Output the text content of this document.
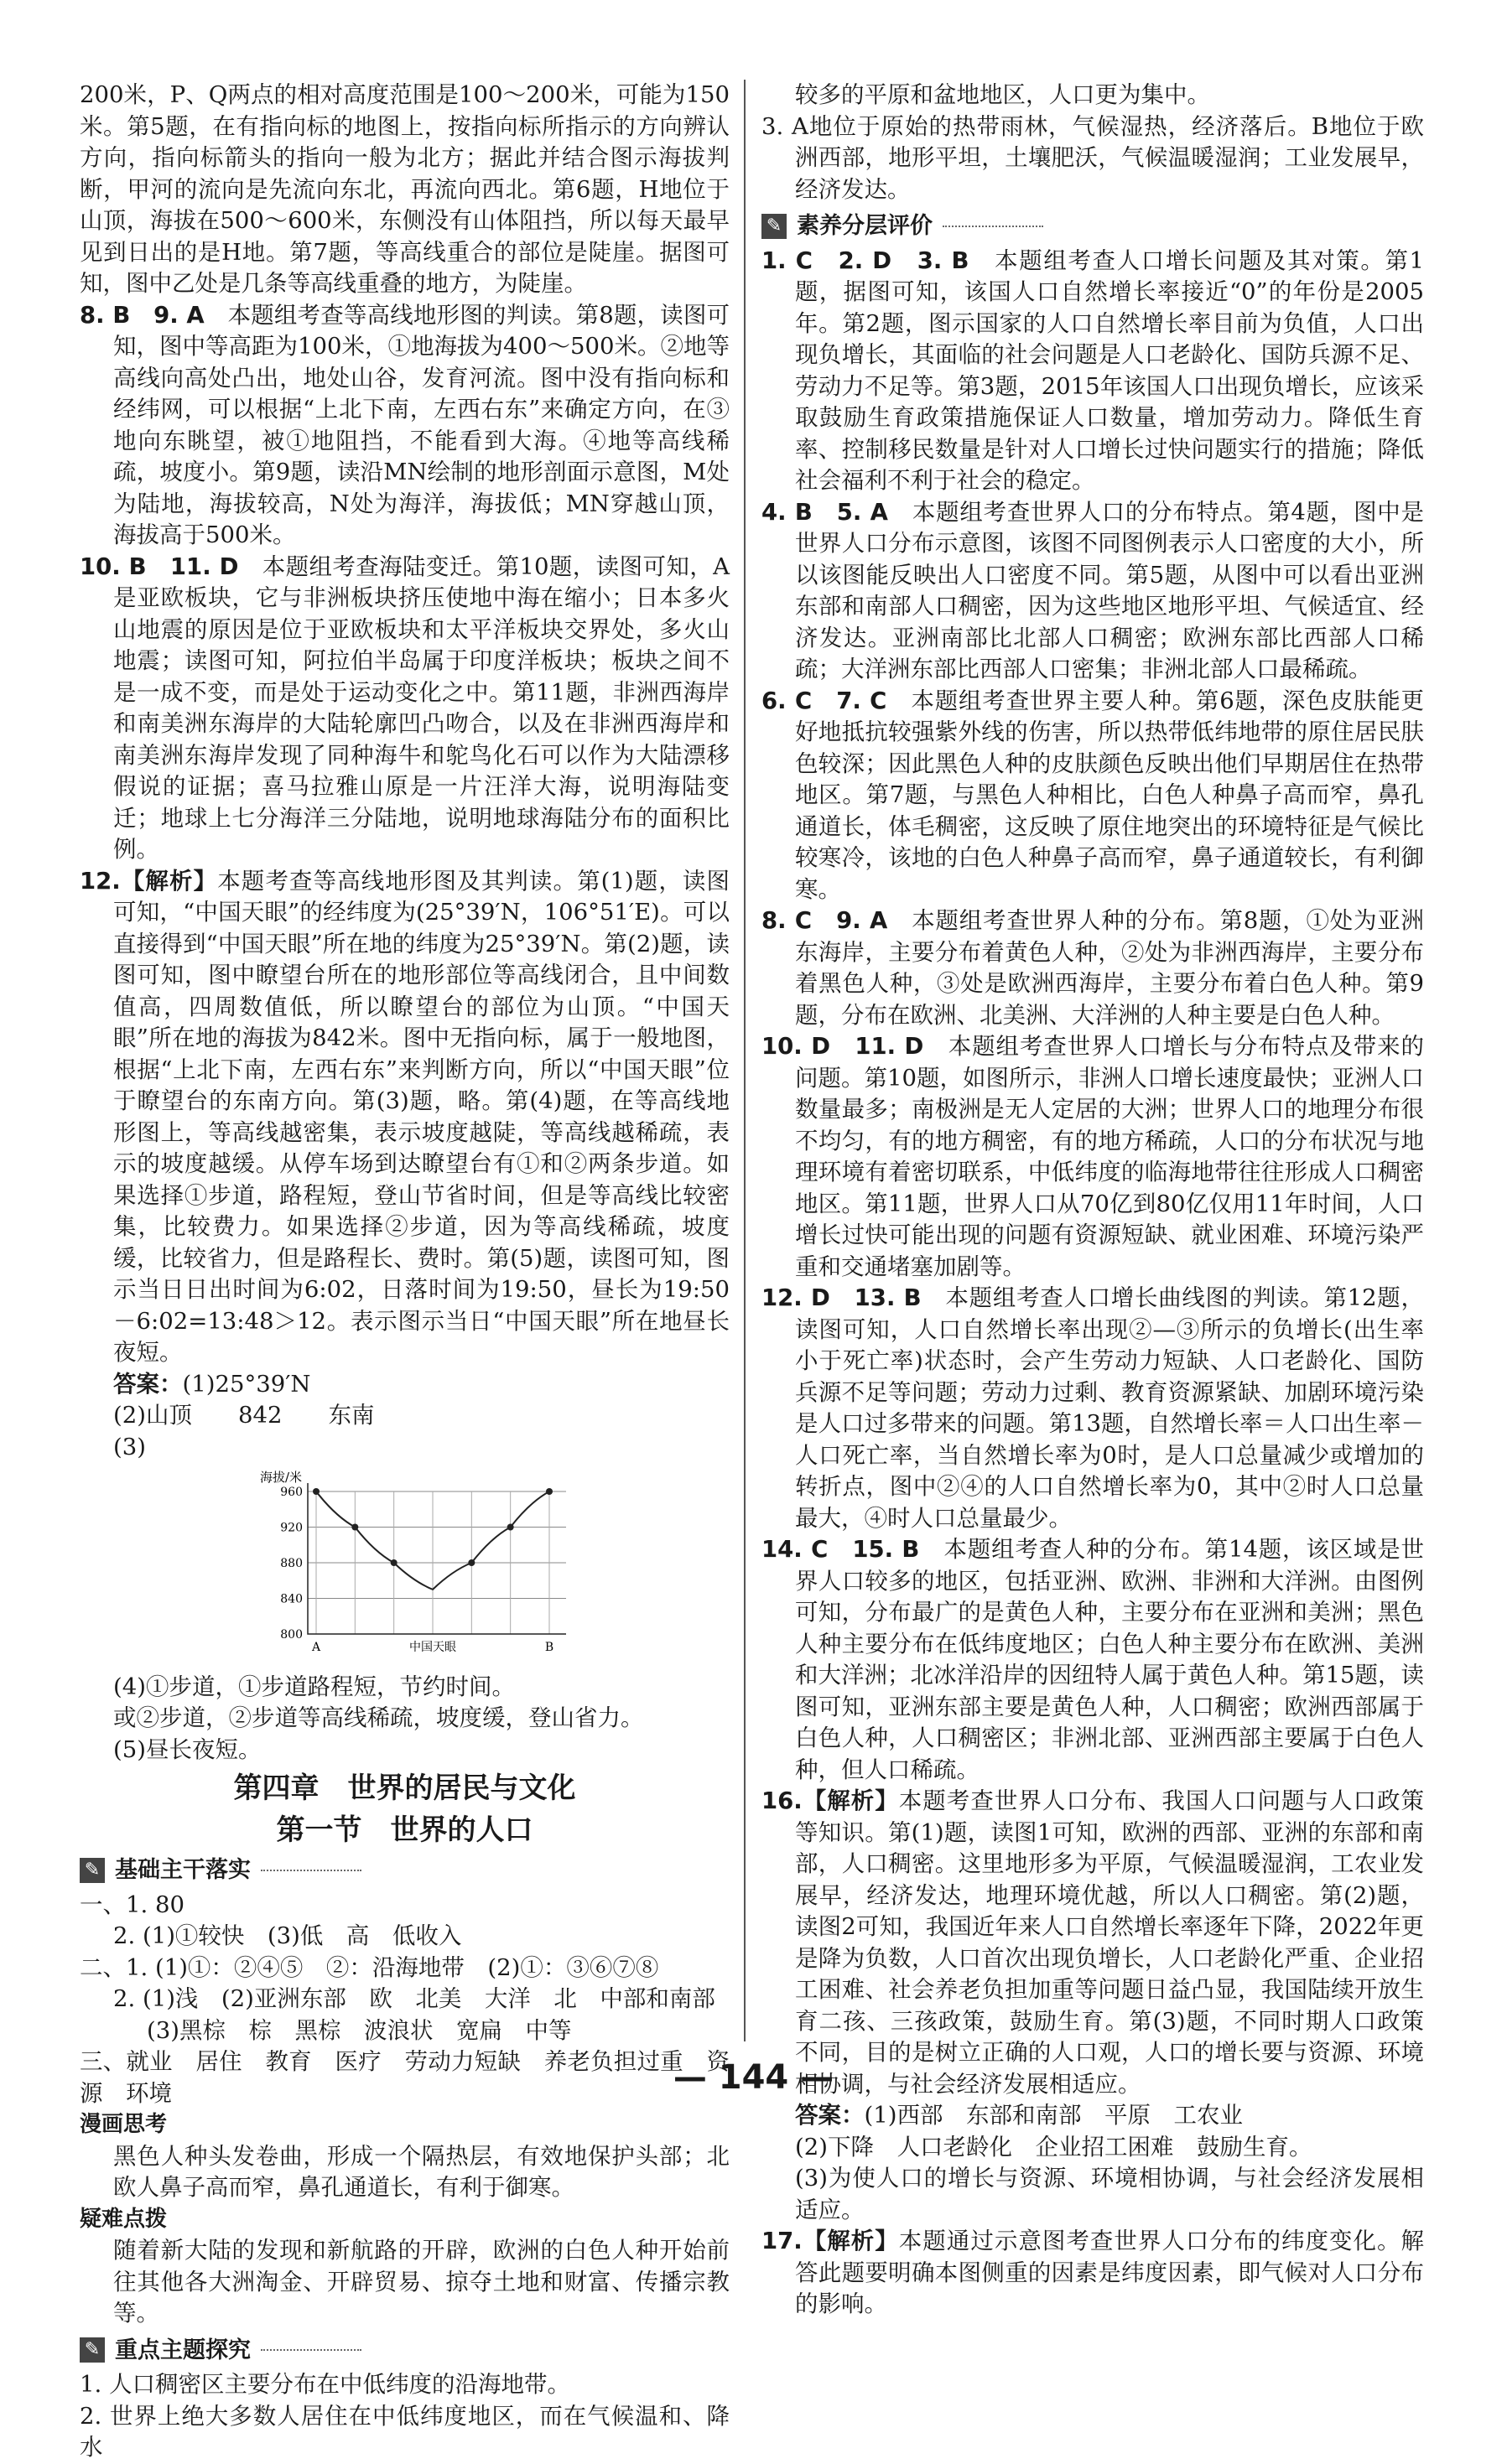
200米，P、Q两点的相对高度范围是100～200米，可能为150米。第5题，在有指向标的地图上，按指向标所指示的方向辨认方向，指向标箭头的指向一般为北方；据此并结合图示海拔判断，甲河的流向是先流向东北，再流向西北。第6题，H地位于山顶，海拔在500～600米，东侧没有山体阻挡，所以每天最早见到日出的是H地。第7题，等高线重合的部位是陡崖。据图可知，图中乙处是几条等高线重叠的地方，为陡崖。

8. B　9. A　 本题组考查等高线地形图的判读。第8题，读图可知，图中等高距为100米，①地海拔为400～500米。②地等高线向高处凸出，地处山谷，发育河流。图中没有指向标和经纬网，可以根据“上北下南，左西右东”来确定方向，在③地向东眺望，被①地阻挡，不能看到大海。④地等高线稀疏，坡度小。第9题，读沿MN绘制的地形剖面示意图，M处为陆地，海拔较高，N处为海洋，海拔低；MN穿越山顶，海拔高于500米。

10. B　11. D　 本题组考查海陆变迁。第10题，读图可知，A是亚欧板块，它与非洲板块挤压使地中海在缩小；日本多火山地震的原因是位于亚欧板块和太平洋板块交界处，多火山地震；读图可知，阿拉伯半岛属于印度洋板块；板块之间不是一成不变，而是处于运动变化之中。第11题，非洲西海岸和南美洲东海岸的大陆轮廓凹凸吻合，以及在非洲西海岸和南美洲东海岸发现了同种海牛和鸵鸟化石可以作为大陆漂移假说的证据；喜马拉雅山原是一片汪洋大海，说明海陆变迁；地球上七分海洋三分陆地，说明地球海陆分布的面积比例。

12.【解析】本题考查等高线地形图及其判读。第(1)题，读图可知，“中国天眼”的经纬度为(25°39′N，106°51′E)。可以直接得到“中国天眼”所在地的纬度为25°39′N。第(2)题，读图可知，图中瞭望台所在的地形部位等高线闭合，且中间数值高，四周数值低，所以瞭望台的部位为山顶。“中国天眼”所在地的海拔为842米。图中无指向标，属于一般地图，根据“上北下南，左西右东”来判断方向，所以“中国天眼”位于瞭望台的东南方向。第(3)题，略。第(4)题，在等高线地形图上，等高线越密集，表示坡度越陡，等高线越稀疏，表示的坡度越缓。从停车场到达瞭望台有①和②两条步道。如果选择①步道，路程短，登山节省时间，但是等高线比较密集，比较费力。如果选择②步道，因为等高线稀疏，坡度缓，比较省力，但是路程长、费时。第(5)题，读图可知，图示当日日出时间为6:02，日落时间为19:50，昼长为19:50－6:02=13:48＞12。表示图示当日“中国天眼”所在地昼长夜短。

答案：(1)25°39′N

(2)山顶　　 842　　 东南

(3)

海拔/米
800
840
880
920
960
A	中国天眼	B

(4)①步道，①步道路程短，节约时间。

或②步道，②步道等高线稀疏，坡度缓，登山省力。

(5)昼长夜短。

第四章　世界的居民与文化
第一节　世界的人口
✎ 基础主干落实

一、1. 80

2. (1)①较快　(3)低　高　低收入

二、1. (1)①：②④⑤　②：沿海地带　(2)①：③⑥⑦⑧

2. (1)浅　(2)亚洲东部　欧　北美　大洋　北　中部和南部

(3)黑棕　棕　黑棕　波浪状　宽扁　中等

三、就业　居住　教育　医疗　劳动力短缺　养老负担过重　资源　环境

漫画思考

黑色人种头发卷曲，形成一个隔热层，有效地保护头部；北欧人鼻子高而窄，鼻孔通道长，有利于御寒。

疑难点拨

随着新大陆的发现和新航路的开辟，欧洲的白色人种开始前往其他各大洲淘金、开辟贸易、掠夺土地和财富、传播宗教等。

✎ 重点主题探究

1. 人口稠密区主要分布在中低纬度的沿海地带。

2. 世界上绝大多数人居住在中低纬度地区，而在气候温和、降水

较多的平原和盆地地区，人口更为集中。

3. A地位于原始的热带雨林，气候湿热，经济落后。B地位于欧洲西部，地形平坦，土壤肥沃，气候温暖湿润；工业发展早，经济发达。

✎ 素养分层评价

1. C　2. D　3. B　 本题组考查人口增长问题及其对策。第1题，据图可知，该国人口自然增长率接近“0”的年份是2005年。第2题，图示国家的人口自然增长率目前为负值，人口出现负增长，其面临的社会问题是人口老龄化、国防兵源不足、劳动力不足等。第3题，2015年该国人口出现负增长，应该采取鼓励生育政策措施保证人口数量，增加劳动力。降低生育率、控制移民数量是针对人口增长过快问题实行的措施；降低社会福利不利于社会的稳定。

4. B　5. A　 本题组考查世界人口的分布特点。第4题，图中是世界人口分布示意图，该图不同图例表示人口密度的大小，所以该图能反映出人口密度不同。第5题，从图中可以看出亚洲东部和南部人口稠密，因为这些地区地形平坦、气候适宜、经济发达。亚洲南部比北部人口稠密；欧洲东部比西部人口稀疏；大洋洲东部比西部人口密集；非洲北部人口最稀疏。

6. C　7. C　 本题组考查世界主要人种。第6题，深色皮肤能更好地抵抗较强紫外线的伤害，所以热带低纬地带的原住居民肤色较深；因此黑色人种的皮肤颜色反映出他们早期居住在热带地区。第7题，与黑色人种相比，白色人种鼻子高而窄，鼻孔通道长，体毛稠密，这反映了原住地突出的环境特征是气候比较寒冷，该地的白色人种鼻子高而窄，鼻子通道较长，有利御寒。

8. C　9. A　 本题组考查世界人种的分布。第8题，①处为亚洲东海岸，主要分布着黄色人种，②处为非洲西海岸，主要分布着黑色人种，③处是欧洲西海岸，主要分布着白色人种。第9题，分布在欧洲、北美洲、大洋洲的人种主要是白色人种。

10. D　11. D　 本题组考查世界人口增长与分布特点及带来的问题。第10题，如图所示，非洲人口增长速度最快；亚洲人口数量最多；南极洲是无人定居的大洲；世界人口的地理分布很不均匀，有的地方稠密，有的地方稀疏，人口的分布状况与地理环境有着密切联系，中低纬度的临海地带往往形成人口稠密地区。第11题，世界人口从70亿到80亿仅用11年时间，人口增长过快可能出现的问题有资源短缺、就业困难、环境污染严重和交通堵塞加剧等。

12. D　13. B　 本题组考查人口增长曲线图的判读。第12题，读图可知，人口自然增长率出现②—③所示的负增长(出生率小于死亡率)状态时，会产生劳动力短缺、人口老龄化、国防兵源不足等问题；劳动力过剩、教育资源紧缺、加剧环境污染是人口过多带来的问题。第13题，自然增长率＝人口出生率－人口死亡率，当自然增长率为0时，是人口总量减少或增加的转折点，图中②④的人口自然增长率为0，其中②时人口总量最大，④时人口总量最少。

14. C　15. B　 本题组考查人种的分布。第14题，该区域是世界人口较多的地区，包括亚洲、欧洲、非洲和大洋洲。由图例可知，分布最广的是黄色人种，主要分布在亚洲和美洲；黑色人种主要分布在低纬度地区；白色人种主要分布在欧洲、美洲和大洋洲；北冰洋沿岸的因纽特人属于黄色人种。第15题，读图可知，亚洲东部主要是黄色人种，人口稠密；欧洲西部属于白色人种，人口稠密区；非洲北部、亚洲西部主要属于白色人种，但人口稀疏。

16.【解析】本题考查世界人口分布、我国人口问题与人口政策等知识。第(1)题，读图1可知，欧洲的西部、亚洲的东部和南部，人口稠密。这里地形多为平原，气候温暖湿润，工农业发展早，经济发达，地理环境优越，所以人口稠密。第(2)题，读图2可知，我国近年来人口自然增长率逐年下降，2022年更是降为负数，人口首次出现负增长，人口老龄化严重、企业招工困难、社会养老负担加重等问题日益凸显，我国陆续开放生育二孩、三孩政策，鼓励生育。第(3)题，不同时期人口政策不同，目的是树立正确的人口观，人口的增长要与资源、环境相协调，与社会经济发展相适应。

答案：(1)西部　 东部和南部　 平原　 工农业

(2)下降　 人口老龄化　 企业招工困难　 鼓励生育。

(3)为使人口的增长与资源、环境相协调，与社会经济发展相适应。

17.【解析】本题通过示意图考查世界人口分布的纬度变化。解答此题要明确本图侧重的因素是纬度因素，即气候对人口分布的影响。

— 144 —
